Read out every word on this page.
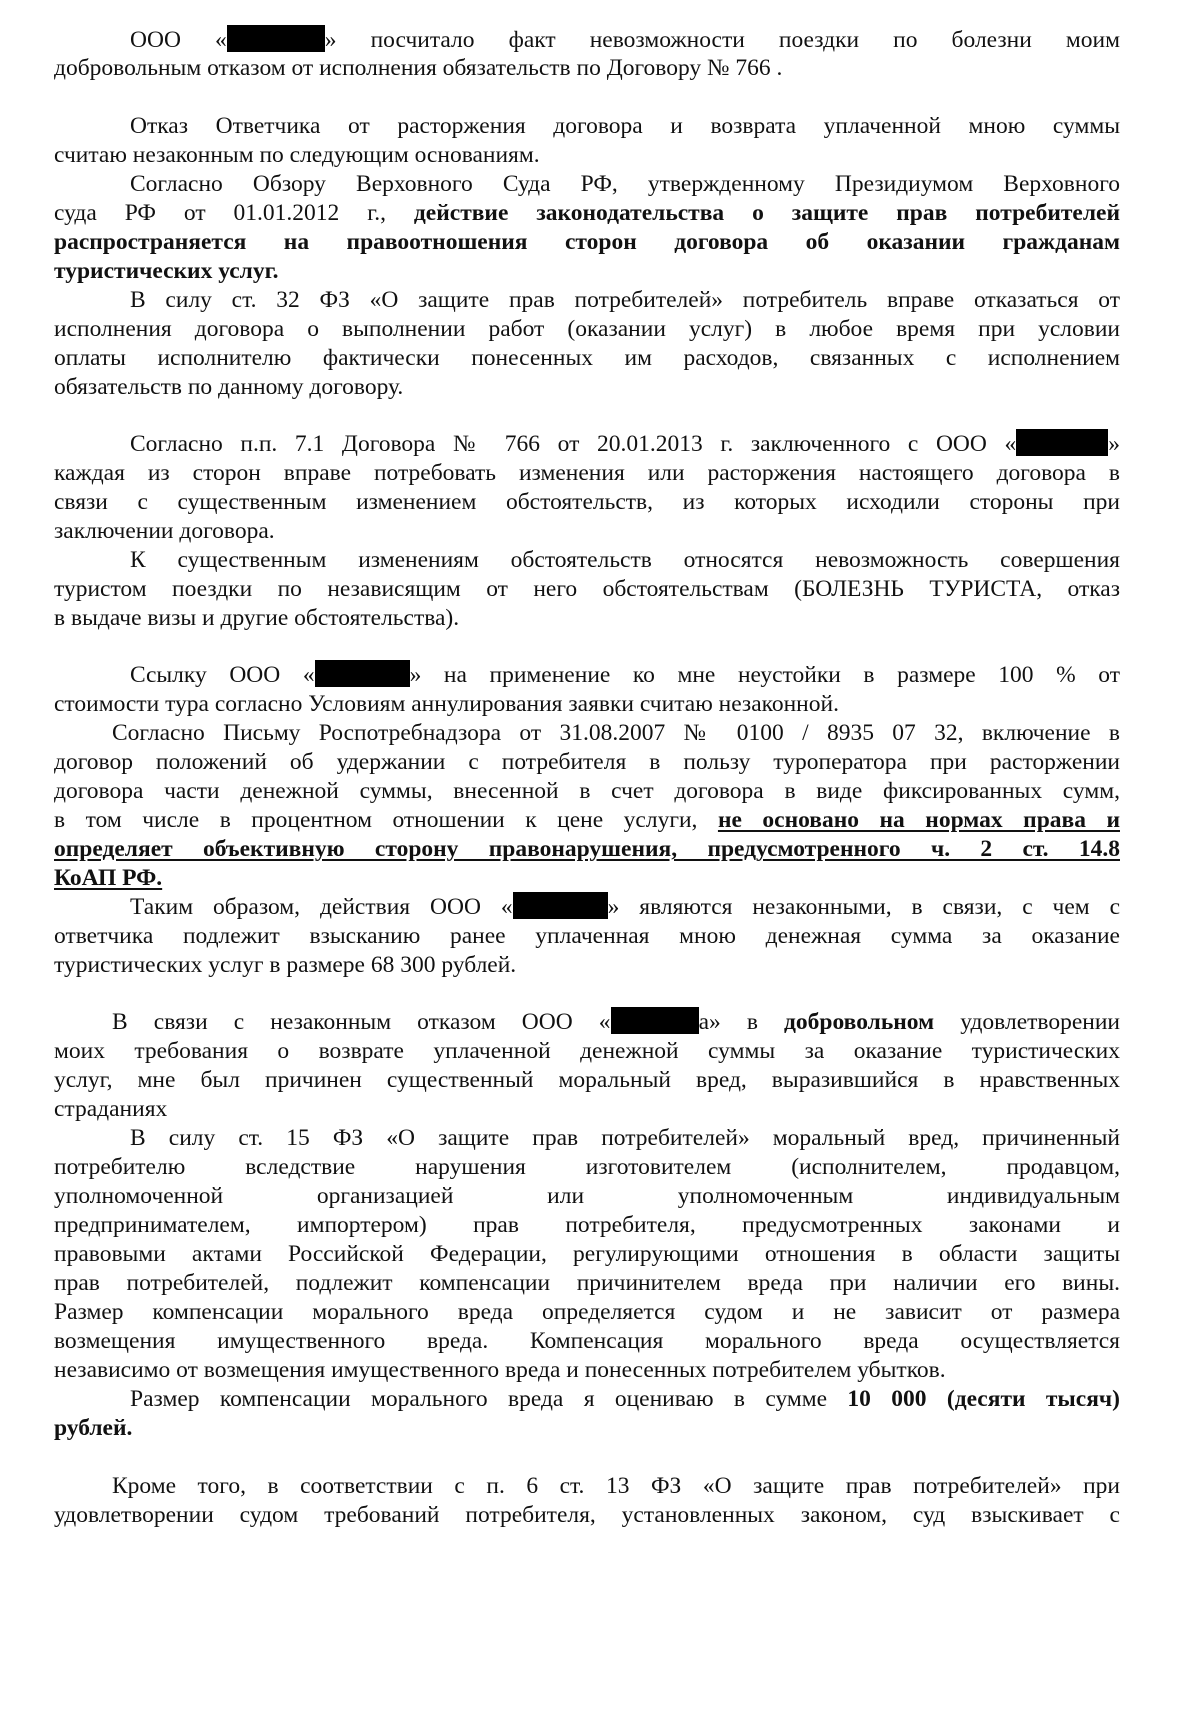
ООО «	» посчитало факт невозможности поездки по болезни моим
добровольным отказом от исполнения обязательств по Договору № 766 .
Отказ Ответчика от расторжения договора и возврата уплаченной мною суммы
считаю незаконным по следующим основаниям.
Согласно Обзору Верховного Суда РФ, утвержденному Президиумом Верховного
суда РФ от 01.01.2012 г., действие законодательства о защите прав потребителей
распространяется на правоотношения сторон договора об оказании гражданам
туристических услуг.
В силу ст. 32 ФЗ «О защите прав потребителей» потребитель вправе отказаться от
исполнения договора о выполнении работ (оказании услуг) в любое время при условии
оплаты исполнителю фактически понесенных им расходов, связанных с исполнением
обязательств по данному договору.
Согласно п.п. 7.1 Договора № 766 от 20.01.2013 г. заключенного с ООО «	»
каждая из сторон вправе потребовать изменения или расторжения настоящего договора в
связи с существенным изменением обстоятельств, из которых исходили стороны при
заключении договора.
К существенным изменениям обстоятельств относятся невозможность совершения
туристом поездки по независящим от него обстоятельствам (БОЛЕЗНЬ ТУРИСТА, отказ
в выдаче визы и другие обстоятельства).
Ссылку ООО «	» на применение ко мне неустойки в размере 100 % от
стоимости тура согласно Условиям аннулирования заявки считаю незаконной.
Согласно Письму Роспотребнадзора от 31.08.2007 № 0100 / 8935 07 32, включение в
договор положений об удержании с потребителя в пользу туроператора при расторжении
договора части денежной суммы, внесенной в счет договора в виде фиксированных сумм,
в том числе в процентном отношении к цене услуги, не основано на нормах права и
определяет объективную сторону правонарушения, предусмотренного ч. 2 ст. 14.8
КоАП РФ.
Таким образом, действия ООО «	» являются незаконными, в связи, с чем с
ответчика подлежит взысканию ранее уплаченная мною денежная сумма за оказание
туристических услуг в размере 68 300 рублей.
В связи с незаконным отказом ООО «	а» в добровольном удовлетворении
моих требования о возврате уплаченной денежной суммы за оказание туристических
услуг, мне был причинен существенный моральный вред, выразившийся в нравственных
страданиях
В силу ст. 15 ФЗ «О защите прав потребителей» моральный вред, причиненный
потребителю вследствие нарушения изготовителем (исполнителем, продавцом,
уполномоченной организацией или уполномоченным индивидуальным
предпринимателем, импортером) прав потребителя, предусмотренных законами и
правовыми актами Российской Федерации, регулирующими отношения в области защиты
прав потребителей, подлежит компенсации причинителем вреда при наличии его вины.
Размер компенсации морального вреда определяется судом и не зависит от размера
возмещения имущественного вреда. Компенсация морального вреда осуществляется
независимо от возмещения имущественного вреда и понесенных потребителем убытков.
Размер компенсации морального вреда я оцениваю в сумме 10 000 (десяти тысяч)
рублей.
Кроме того, в соответствии с п. 6 ст. 13 ФЗ «О защите прав потребителей» при
удовлетворении судом требований потребителя, установленных законом, суд взыскивает с
